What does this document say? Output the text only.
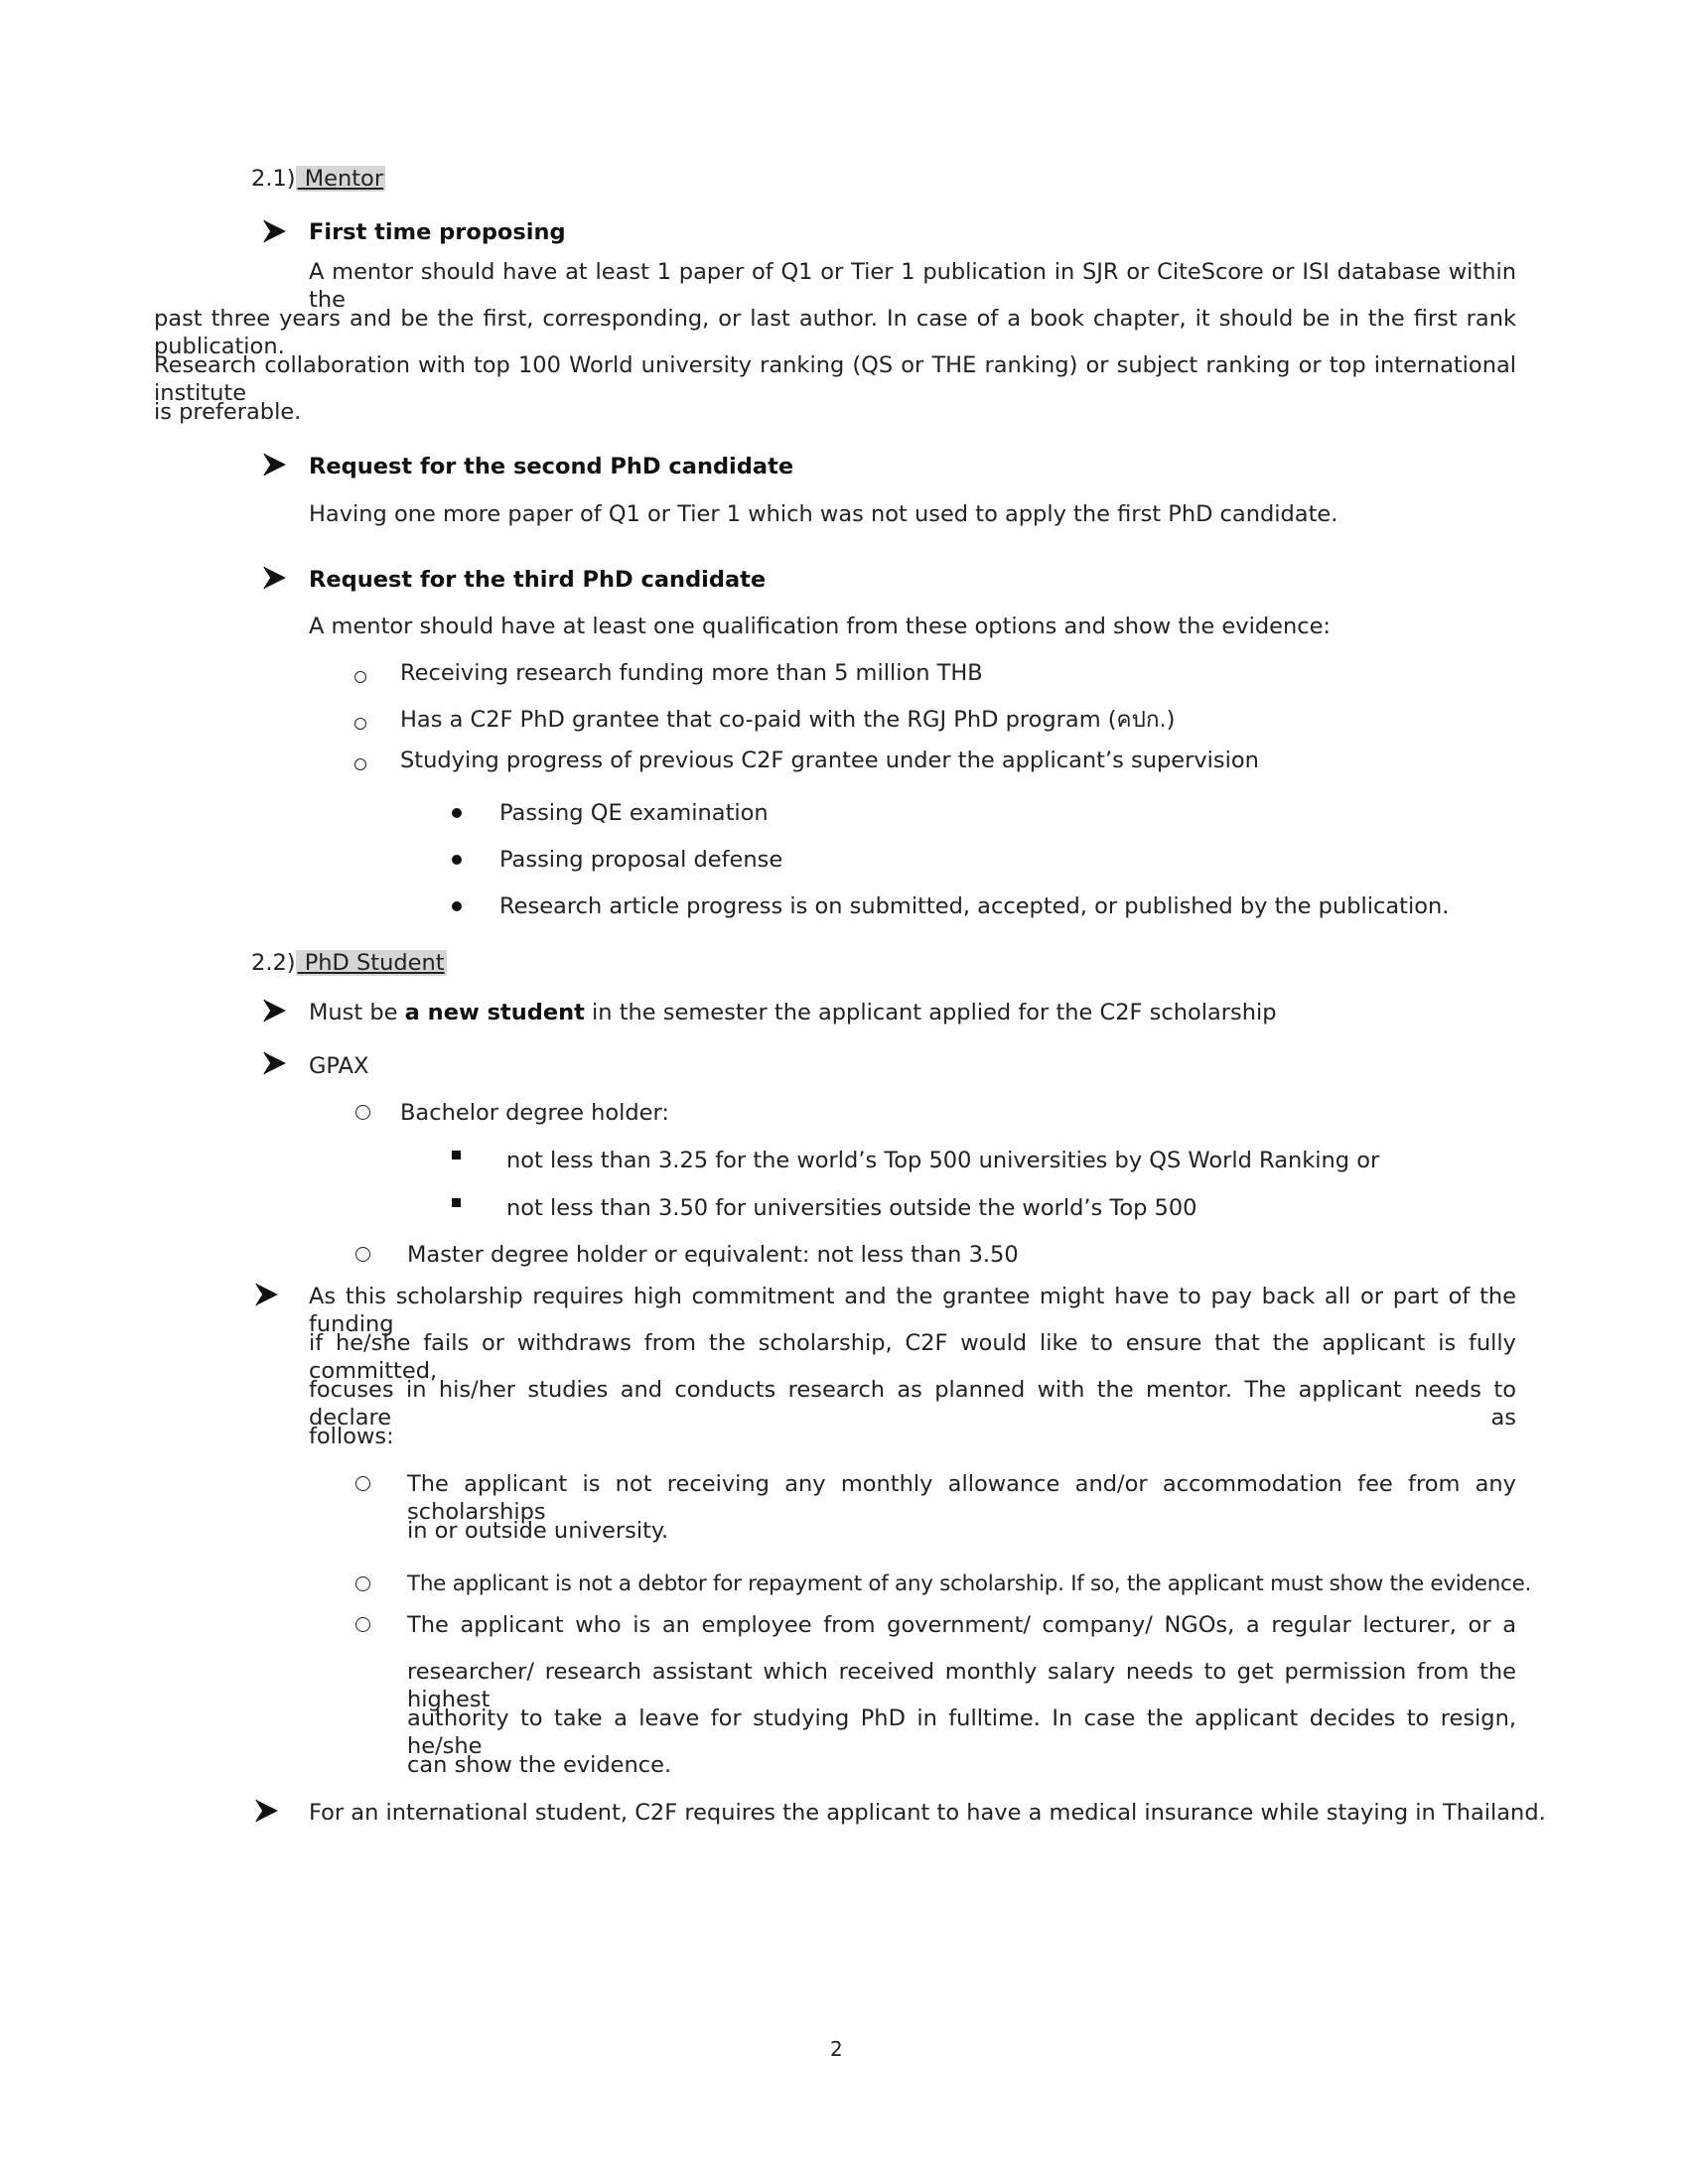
2.1) Mentor
First time proposing
A mentor should have at least 1 paper of Q1 or Tier 1 publication in SJR or CiteScore or ISI database within the
past three years and be the first, corresponding, or last author. In case of a book chapter, it should be in the first rank publication.
Research collaboration with top 100 World university ranking (QS or THE ranking) or subject ranking or top international institute
is preferable.
Request for the second PhD candidate
Having one more paper of Q1 or Tier 1 which was not used to apply the first PhD candidate.
Request for the third PhD candidate
A mentor should have at least one qualification from these options and show the evidence:
Receiving research funding more than 5 million THB
Has a C2F PhD grantee that co-paid with the RGJ PhD program (คปก.)
Studying progress of previous C2F grantee under the applicant’s supervision
Passing QE examination
Passing proposal defense
Research article progress is on submitted, accepted, or published by the publication.
2.2) PhD Student
Must be a new student in the semester the applicant applied for the C2F scholarship
GPAX
Bachelor degree holder:
not less than 3.25 for the world’s Top 500 universities by QS World Ranking or
not less than 3.50 for universities outside the world’s Top 500
Master degree holder or equivalent: not less than 3.50
As this scholarship requires high commitment and the grantee might have to pay back all or part of the funding
if he/she fails or withdraws from the scholarship, C2F would like to ensure that the applicant is fully committed,
focuses in his/her studies and conducts research as planned with the mentor. The applicant needs to declare as
follows:
The applicant is not receiving any monthly allowance and/or accommodation fee from any scholarships
in or outside university.
The applicant is not a debtor for repayment of any scholarship. If so, the applicant must show the evidence.
The applicant who is an employee from government/ company/ NGOs, a regular lecturer, or a
researcher/ research assistant which received monthly salary needs to get permission from the highest
authority to take a leave for studying PhD in fulltime. In case the applicant decides to resign, he/she
can show the evidence.
For an international student, C2F requires the applicant to have a medical insurance while staying in Thailand.
2
